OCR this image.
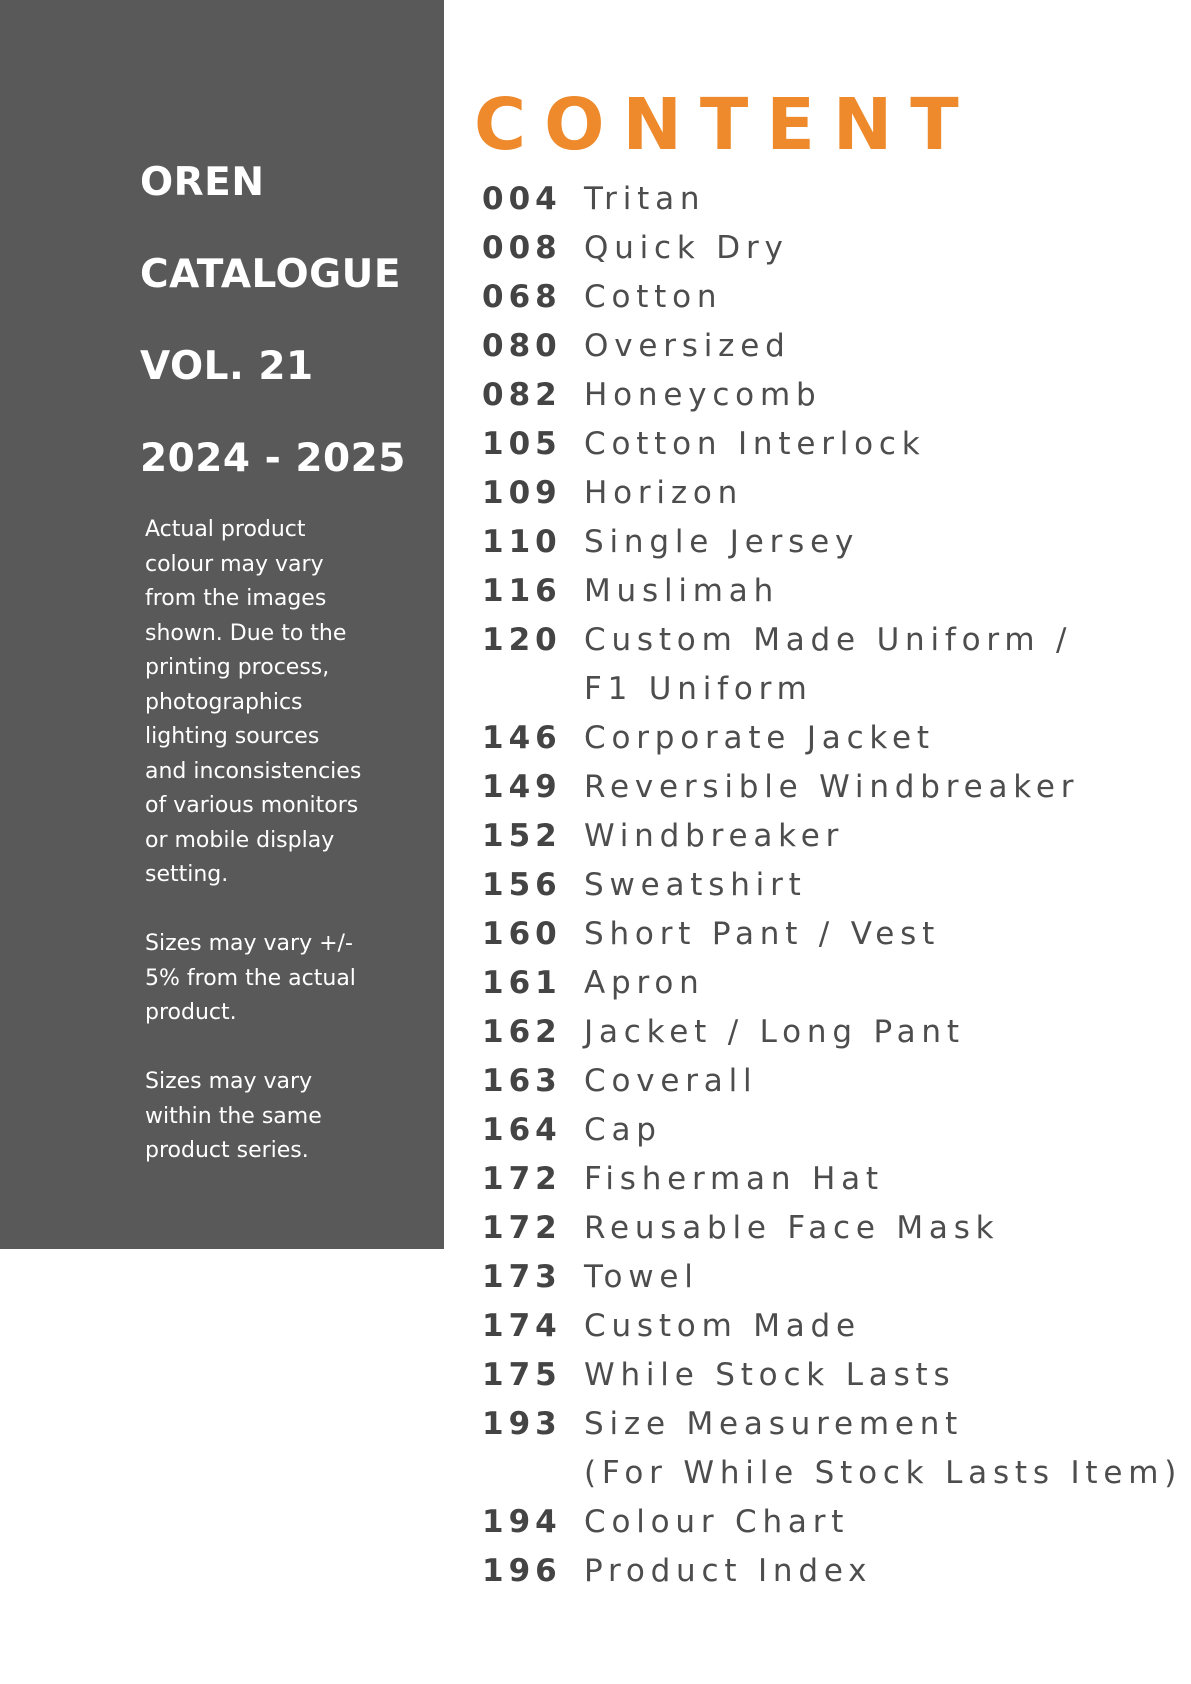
OREN
CATALOGUE
VOL. 21
2024 - 2025
Actual product
colour may vary
from the images
shown. Due to the
printing process,
photographics
lighting sources
and inconsistencies
of various monitors
or mobile display
setting.
Sizes may vary +/-
5% from the actual
product.
Sizes may vary
within the same
product series.
CONTENT
004 Tritan
008 Quick Dry
068 Cotton
080 Oversized
082 Honeycomb
105 Cotton Interlock
109 Horizon
110 Single Jersey
116 Muslimah
120 Custom Made Uniform /
F1 Uniform
146 Corporate Jacket
149 Reversible Windbreaker
152 Windbreaker
156 Sweatshirt
160 Short Pant / Vest
161 Apron
162 Jacket / Long Pant
163 Coverall
164 Cap
172 Fisherman Hat
172 Reusable Face Mask
173 Towel
174 Custom Made
175 While Stock Lasts
193 Size Measurement
(For While Stock Lasts Item)
194 Colour Chart
196 Product Index
